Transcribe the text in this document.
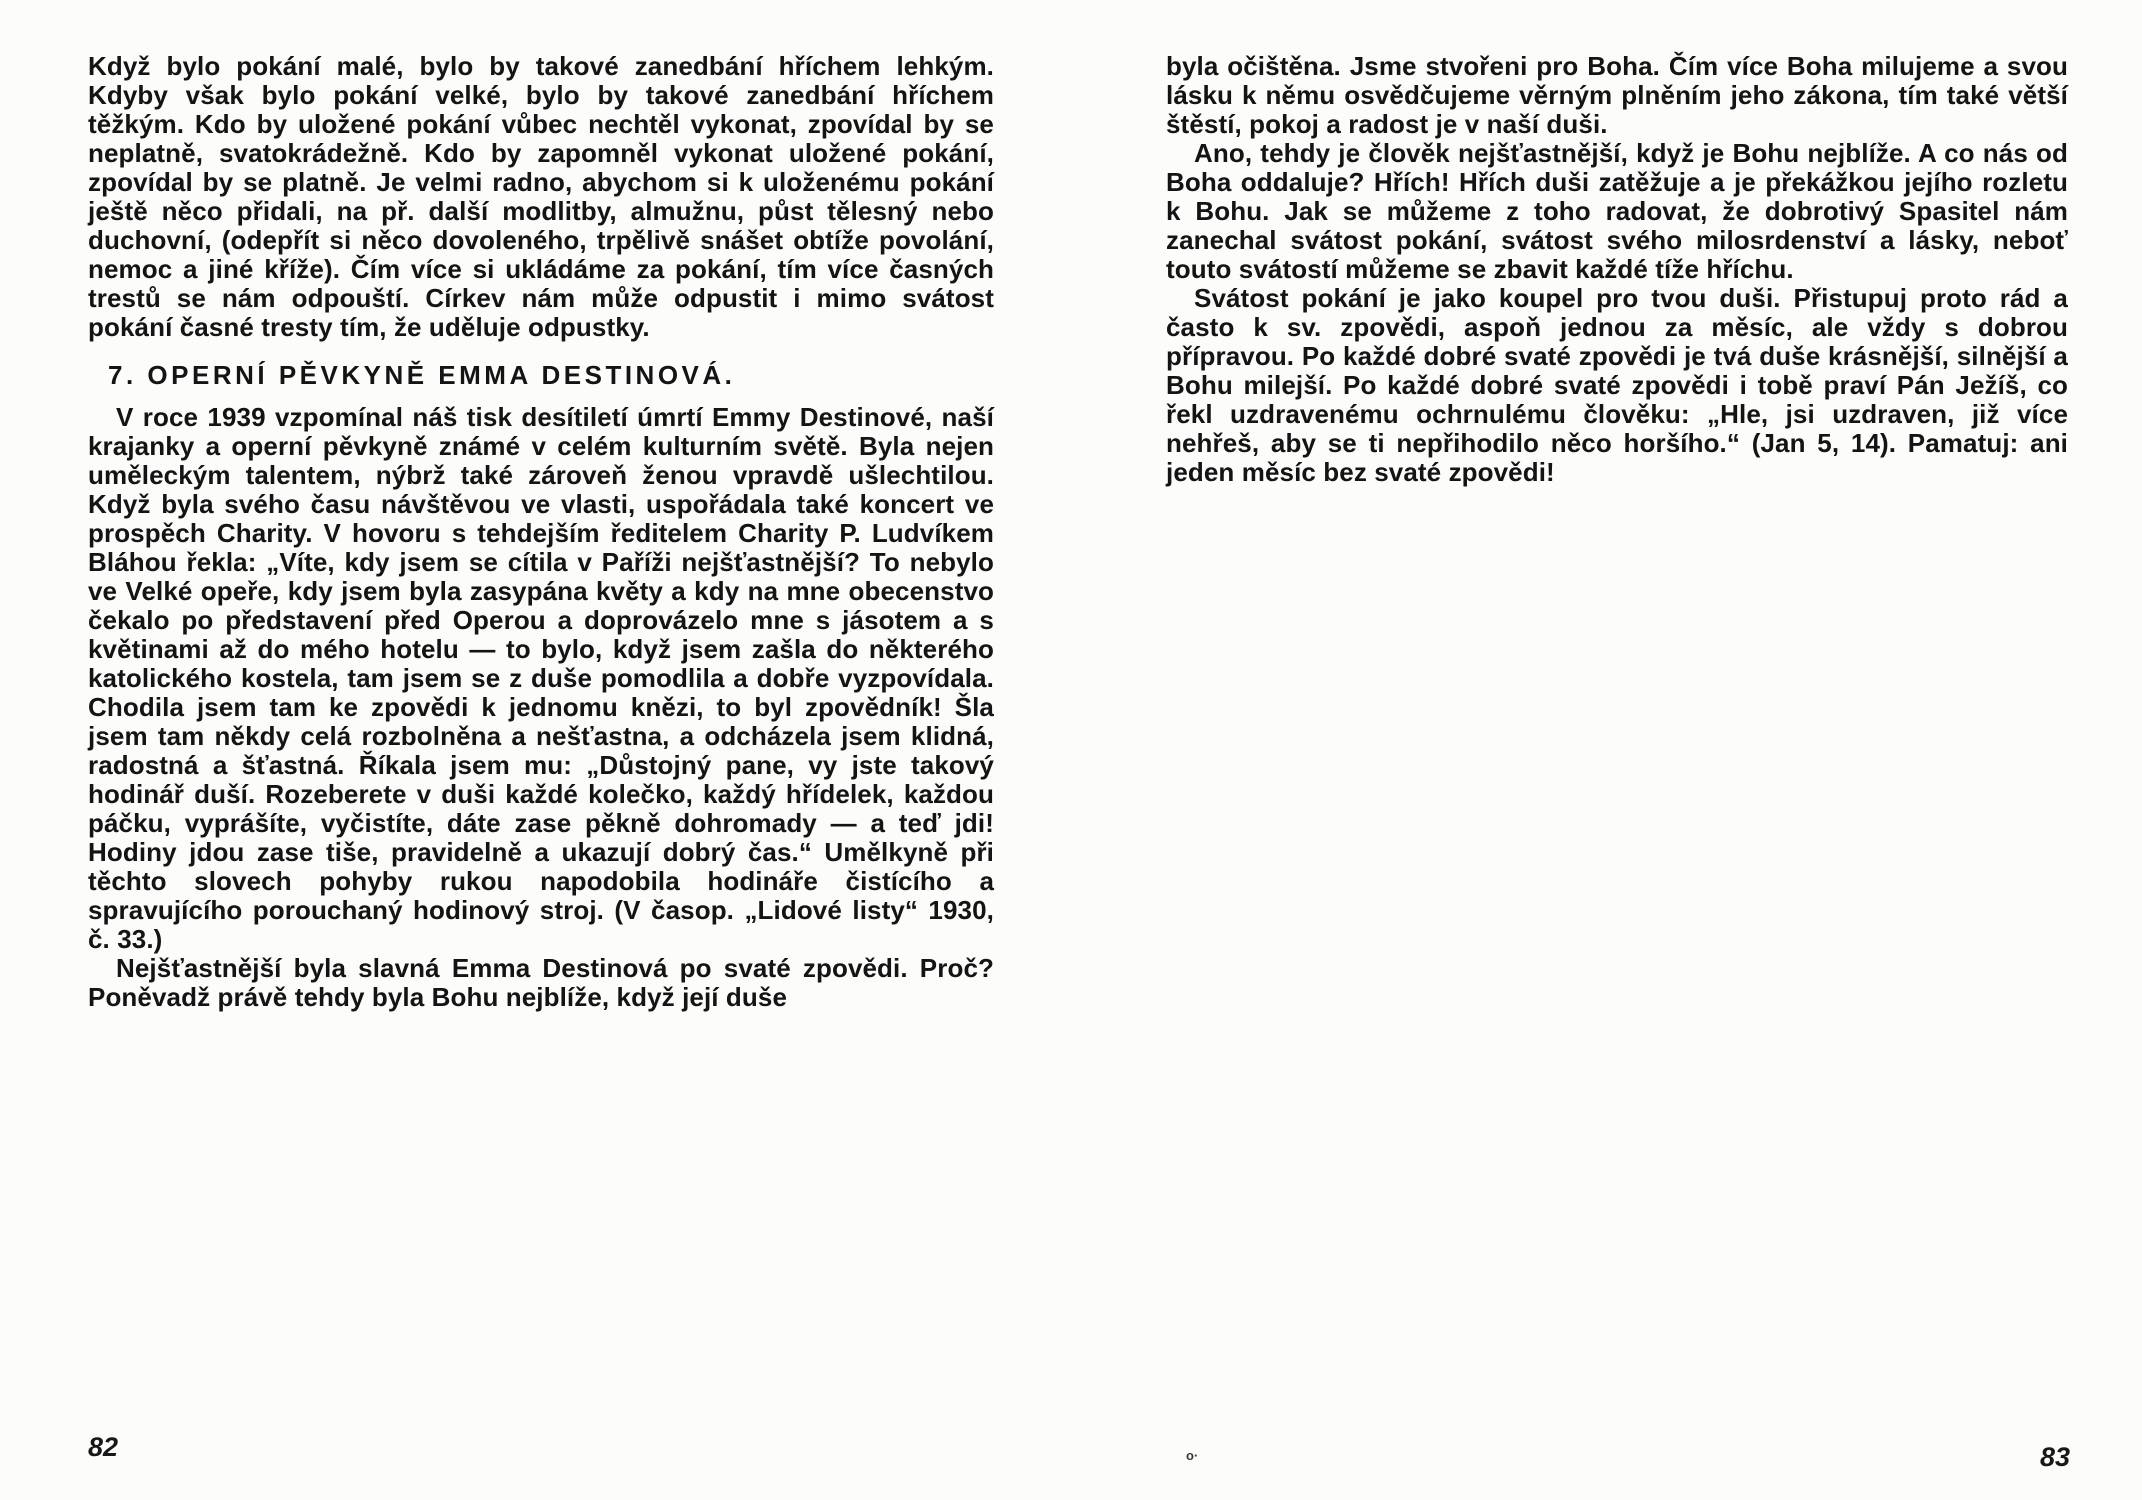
Když bylo pokání malé, bylo by takové zanedbání hříchem lehkým. Kdyby však bylo pokání velké, bylo by takové zanedbání hříchem těžkým. Kdo by uložené pokání vůbec nechtěl vykonat, zpovídal by se neplatně, svatokrádežně. Kdo by zapomněl vykonat uložené pokání, zpovídal by se platně. Je velmi radno, abychom si k uloženému pokání ještě něco přidali, na př. další modlitby, almužnu, půst tělesný nebo duchovní, (odepřít si něco dovoleného, trpělivě snášet obtíže povolání, nemoc a jiné kříže). Čím více si ukládáme za pokání, tím více časných trestů se nám odpouští. Církev nám může odpustit i mimo svátost pokání časné tresty tím, že uděluje odpustky.

7. OPERNÍ PĚVKYNĚ EMMA DESTINOVÁ.

V roce 1939 vzpomínal náš tisk desítiletí úmrtí Emmy Destinové, naší krajanky a operní pěvkyně známé v celém kulturním světě. Byla nejen uměleckým talentem, nýbrž také zároveň ženou vpravdě ušlechtilou. Když byla svého času návštěvou ve vlasti, uspořádala také koncert ve prospěch Charity. V hovoru s tehdejším ředitelem Charity P. Ludvíkem Bláhou řekla: „Víte, kdy jsem se cítila v Paříži nejšťastnější? To nebylo ve Velké opeře, kdy jsem byla zasypána květy a kdy na mne obecenstvo čekalo po představení před Operou a doprovázelo mne s jásotem a s květinami až do mého hotelu — to bylo, když jsem zašla do některého katolického kostela, tam jsem se z duše pomodlila a dobře vyzpovídala. Chodila jsem tam ke zpovědi k jednomu knězi, to byl zpovědník! Šla jsem tam někdy celá rozbolněna a nešťastna, a odcházela jsem klidná, radostná a šťastná. Říkala jsem mu: „Důstojný pane, vy jste takový hodinář duší. Rozeberete v duši každé kolečko, každý hřídelek, každou páčku, vyprášíte, vyčistíte, dáte zase pěkně dohromady — a teď jdi! Hodiny jdou zase tiše, pravidelně a ukazují dobrý čas.“ Umělkyně při těchto slovech pohyby rukou napodobila hodináře čistícího a spravujícího porouchaný hodinový stroj. (V časop. „Lidové listy“ 1930, č. 33.)

Nejšťastnější byla slavná Emma Destinová po svaté zpovědi. Proč? Poněvadž právě tehdy byla Bohu nejblíže, když její duše

byla očištěna. Jsme stvořeni pro Boha. Čím více Boha milujeme a svou lásku k němu osvědčujeme věrným plněním jeho zákona, tím také větší štěstí, pokoj a radost je v naší duši.

Ano, tehdy je člověk nejšťastnější, když je Bohu nejblíže. A co nás od Boha oddaluje? Hřích! Hřích duši zatěžuje a je překážkou jejího rozletu k Bohu. Jak se můžeme z toho radovat, že dobrotivý Spasitel nám zanechal svátost pokání, svátost svého milosrdenství a lásky, neboť touto svátostí můžeme se zbavit každé tíže hříchu.

Svátost pokání je jako koupel pro tvou duši. Přistupuj proto rád a často k sv. zpovědi, aspoň jednou za měsíc, ale vždy s dobrou přípravou. Po každé dobré svaté zpovědi je tvá duše krásnější, silnější a Bohu milejší. Po každé dobré svaté zpovědi i tobě praví Pán Ježíš, co řekl uzdravenému ochrnulému člověku: „Hle, jsi uzdraven, již více nehřeš, aby se ti nepřihodilo něco horšího.“ (Jan 5, 14). Pamatuj: ani jeden měsíc bez svaté zpovědi!

82	o·	83
